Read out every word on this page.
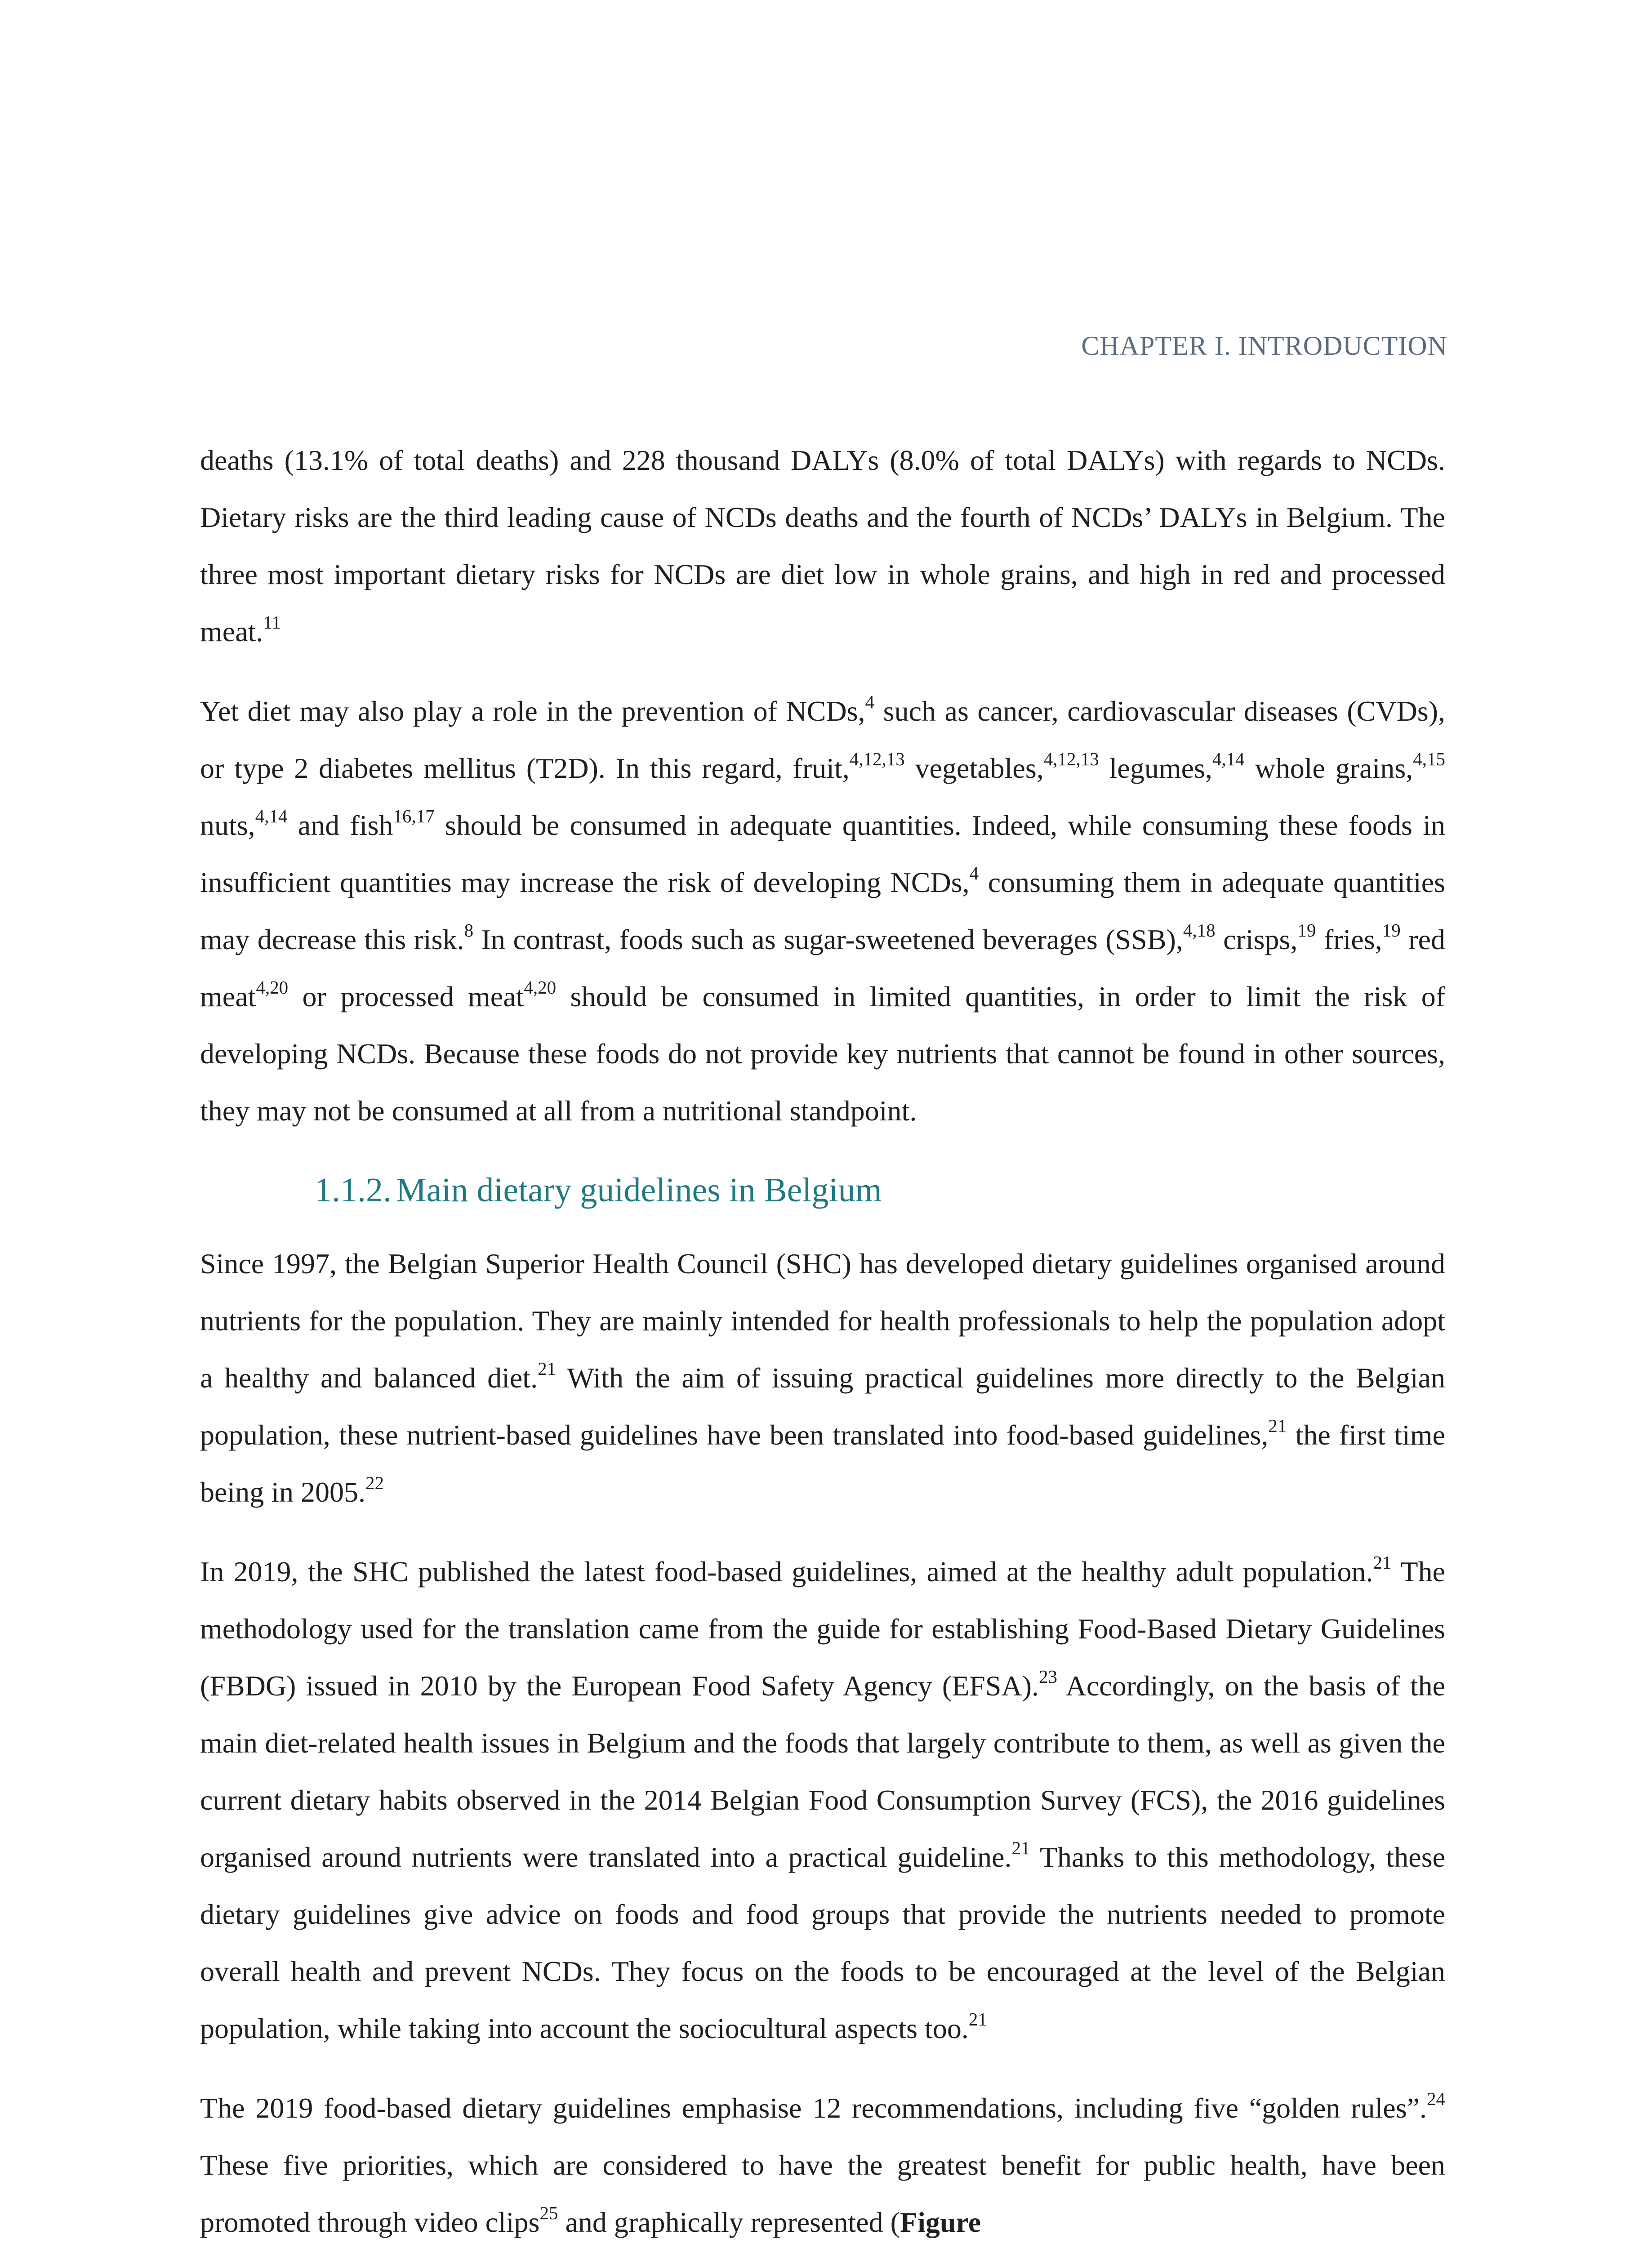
CHAPTER I. INTRODUCTION

deaths (13.1% of total deaths) and 228 thousand DALYs (8.0% of total DALYs) with regards to NCDs. Dietary risks are the third leading cause of NCDs deaths and the fourth of NCDs’ DALYs in Belgium. The three most important dietary risks for NCDs are diet low in whole grains, and high in red and processed meat.$^{11}$

Yet diet may also play a role in the prevention of NCDs,$^4$ such as cancer, cardiovascular diseases (CVDs), or type 2 diabetes mellitus (T2D). In this regard, fruit,$^{4,12,13}$ vegetables,$^{4,12,13}$ legumes,$^{4,14}$ whole grains,$^{4,15}$ nuts,$^{4,14}$ and fish$^{16,17}$ should be consumed in adequate quantities. Indeed, while consuming these foods in insufficient quantities may increase the risk of developing NCDs,$^4$ consuming them in adequate quantities may decrease this risk.$^8$ In contrast, foods such as sugar-sweetened beverages (SSB),$^{4,18}$ crisps,$^{19}$ fries,$^{19}$ red meat$^{4,20}$ or processed meat$^{4,20}$ should be consumed in limited quantities, in order to limit the risk of developing NCDs. Because these foods do not provide key nutrients that cannot be found in other sources, they may not be consumed at all from a nutritional standpoint.

1.1.2. Main dietary guidelines in Belgium

Since 1997, the Belgian Superior Health Council (SHC) has developed dietary guidelines organised around nutrients for the population. They are mainly intended for health professionals to help the population adopt a healthy and balanced diet.$^{21}$ With the aim of issuing practical guidelines more directly to the Belgian population, these nutrient-based guidelines have been translated into food-based guidelines,$^{21}$ the first time being in 2005.22

In 2019, the SHC published the latest food-based guidelines, aimed at the healthy adult population.$^{21}$ The methodology used for the translation came from the guide for establishing Food-Based Dietary Guidelines (FBDG) issued in 2010 by the European Food Safety Agency (EFSA).$^{23}$ Accordingly, on the basis of the main diet-related health issues in Belgium and the foods that largely contribute to them, as well as given the current dietary habits observed in the 2014 Belgian Food Consumption Survey (FCS), the 2016 guidelines organised around nutrients were translated into a practical guideline.$^{21}$ Thanks to this methodology, these dietary guidelines give advice on foods and food groups that provide the nutrients needed to promote overall health and prevent NCDs. They focus on the foods to be encouraged at the level of the Belgian population, while taking into account the sociocultural aspects too.$^{21}$

The 2019 food-based dietary guidelines emphasise 12 recommendations, including five “golden rules”.$^{24}$ These five priorities, which are considered to have the greatest benefit for public health, have been promoted through video clips$^{25}$ and graphically represented (Figure
